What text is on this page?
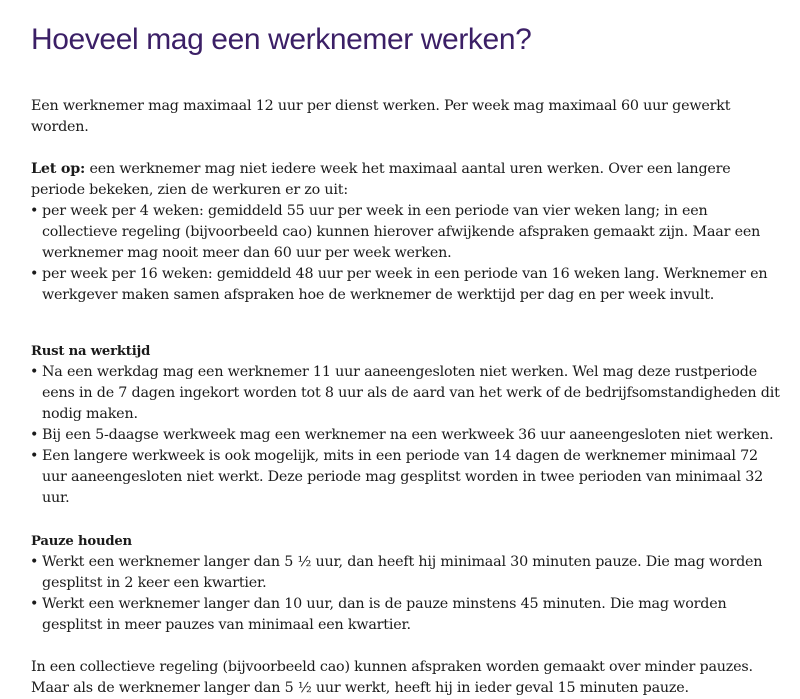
Hoeveel mag een werknemer werken?

Een werknemer mag maximaal 12 uur per dienst werken. Per week mag maximaal 60 uur gewerkt worden.

Let op: een werknemer mag niet iedere week het maximaal aantal uren werken. Over een langere periode bekeken, zien de werkuren er zo uit:

• per week per 4 weken: gemiddeld 55 uur per week in een periode van vier weken lang; in een collectieve regeling (bijvoorbeeld cao) kunnen hierover afwijkende afspraken gemaakt zijn. Maar een werknemer mag nooit meer dan 60 uur per week werken.
• per week per 16 weken: gemiddeld 48 uur per week in een periode van 16 weken lang. Werknemer en werkgever maken samen afspraken hoe de werknemer de werktijd per dag en per week invult.
Rust na werktijd
• Na een werkdag mag een werknemer 11 uur aaneengesloten niet werken. Wel mag deze rustperiode eens in de 7 dagen ingekort worden tot 8 uur als de aard van het werk of de bedrijfsomstandigheden dit nodig maken.
• Bij een 5-daagse werkweek mag een werknemer na een werkweek 36 uur aaneengesloten niet werken.
• Een langere werkweek is ook mogelijk, mits in een periode van 14 dagen de werknemer minimaal 72 uur aaneengesloten niet werkt. Deze periode mag gesplitst worden in twee perioden van minimaal 32 uur.
Pauze houden
• Werkt een werknemer langer dan 5 ½ uur, dan heeft hij minimaal 30 minuten pauze. Die mag worden gesplitst in 2 keer een kwartier.
• Werkt een werknemer langer dan 10 uur, dan is de pauze minstens 45 minuten. Die mag worden gesplitst in meer pauzes van minimaal een kwartier.

In een collectieve regeling (bijvoorbeeld cao) kunnen afspraken worden gemaakt over minder pauzes.

Maar als de werknemer langer dan 5 ½ uur werkt, heeft hij in ieder geval 15 minuten pauze.
